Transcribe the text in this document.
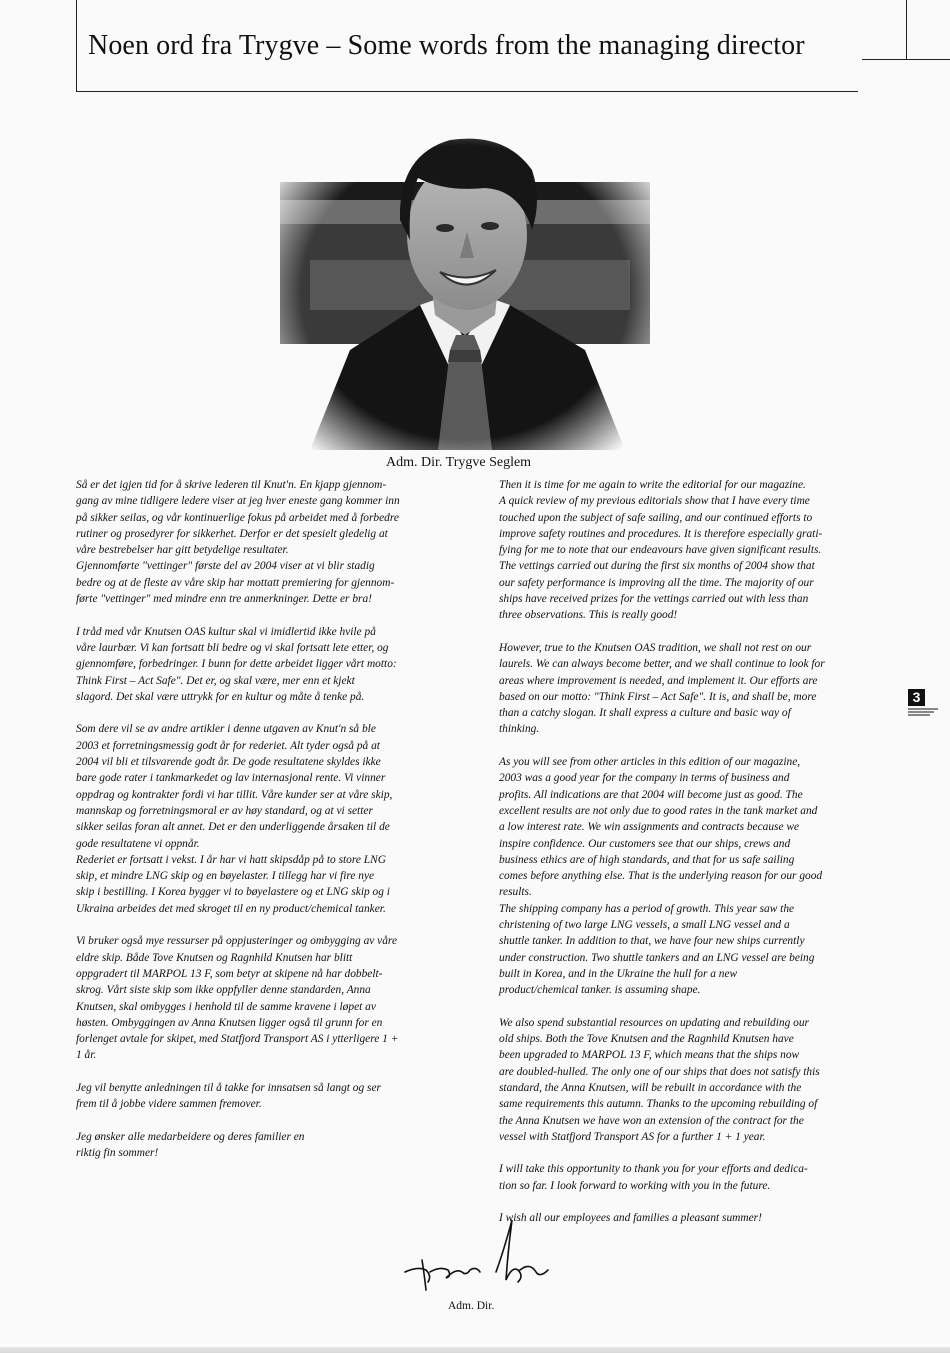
Noen ord fra Trygve – Some words from the managing director
Adm. Dir. Trygve Seglem

Så er det igjen tid for å skrive lederen til Knut'n. En kjapp gjennom-
gang av mine tidligere ledere viser at jeg hver eneste gang kommer inn
på sikker seilas, og vår kontinuerlige fokus på arbeidet med å forbedre
rutiner og prosedyrer for sikkerhet. Derfor er det spesielt gledelig at
våre bestrebelser har gitt betydelige resultater.
Gjennomførte "vettinger" første del av 2004 viser at vi blir stadig
bedre og at de fleste av våre skip har mottatt premiering for gjennom-
førte "vettinger" med mindre enn tre anmerkninger. Dette er bra!

I tråd med vår Knutsen OAS kultur skal vi imidlertid ikke hvile på
våre laurbær. Vi kan fortsatt bli bedre og vi skal fortsatt lete etter, og
gjennomføre, forbedringer. I bunn for dette arbeidet ligger vårt motto:
Think First – Act Safe". Det er, og skal være, mer enn et kjekt
slagord. Det skal være uttrykk for en kultur og måte å tenke på.

Som dere vil se av andre artikler i denne utgaven av Knut'n så ble
2003 et forretningsmessig godt år for rederiet. Alt tyder også på at
2004 vil bli et tilsvarende godt år. De gode resultatene skyldes ikke
bare gode rater i tankmarkedet og lav internasjonal rente. Vi vinner
oppdrag og kontrakter fordi vi har tillit. Våre kunder ser at våre skip,
mannskap og forretningsmoral er av høy standard, og at vi setter
sikker seilas foran alt annet. Det er den underliggende årsaken til de
gode resultatene vi oppnår.
Rederiet er fortsatt i vekst. I år har vi hatt skipsdåp på to store LNG
skip, et mindre LNG skip og en bøyelaster. I tillegg har vi fire nye
skip i bestilling. I Korea bygger vi to bøyelastere og et LNG skip og i
Ukraina arbeides det med skroget til en ny product/chemical tanker.

Vi bruker også mye ressurser på oppjusteringer og ombygging av våre
eldre skip. Både Tove Knutsen og Ragnhild Knutsen har blitt
oppgradert til MARPOL 13 F, som betyr at skipene nå har dobbelt-
skrog. Vårt siste skip som ikke oppfyller denne standarden, Anna
Knutsen, skal ombygges i henhold til de samme kravene i løpet av
høsten. Ombyggingen av Anna Knutsen ligger også til grunn for en
forlenget avtale for skipet, med Statfjord Transport AS i ytterligere 1 +
1 år.

Jeg vil benytte anledningen til å takke for innsatsen så langt og ser
frem til å jobbe videre sammen fremover.

Jeg ønsker alle medarbeidere og deres familier en
riktig fin sommer!

Then it is time for me again to write the editorial for our magazine.
A quick review of my previous editorials show that I have every time
touched upon the subject of safe sailing, and our continued efforts to
improve safety routines and procedures. It is therefore especially grati-
fying for me to note that our endeavours have given significant results.
The vettings carried out during the first six months of 2004 show that
our safety performance is improving all the time. The majority of our
ships have received prizes for the vettings carried out with less than
three observations. This is really good!

However, true to the Knutsen OAS tradition, we shall not rest on our
laurels. We can always become better, and we shall continue to look for
areas where improvement is needed, and implement it. Our efforts are
based on our motto: "Think First – Act Safe". It is, and shall be, more
than a catchy slogan. It shall express a culture and basic way of
thinking.

As you will see from other articles in this edition of our magazine,
2003 was a good year for the company in terms of business and
profits. All indications are that 2004 will become just as good. The
excellent results are not only due to good rates in the tank market and
a low interest rate. We win assignments and contracts because we
inspire confidence. Our customers see that our ships, crews and
business ethics are of high standards, and that for us safe sailing
comes before anything else. That is the underlying reason for our good
results.
The shipping company has a period of growth. This year saw the
christening of two large LNG vessels, a small LNG vessel and a
shuttle tanker. In addition to that, we have four new ships currently
under construction. Two shuttle tankers and an LNG vessel are being
built in Korea, and in the Ukraine the hull for a new
product/chemical tanker. is assuming shape.

We also spend substantial resources on updating and rebuilding our
old ships. Both the Tove Knutsen and the Ragnhild Knutsen have
been upgraded to MARPOL 13 F, which means that the ships now
are doubled-hulled. The only one of our ships that does not satisfy this
standard, the Anna Knutsen, will be rebuilt in accordance with the
same requirements this autumn. Thanks to the upcoming rebuilding of
the Anna Knutsen we have won an extension of the contract for the
vessel with Statfjord Transport AS for a further 1 + 1 year.

I will take this opportunity to thank you for your efforts and dedica-
tion so far. I look forward to working with you in the future.

I wish all our employees and families a pleasant summer!

3
Adm. Dir.
